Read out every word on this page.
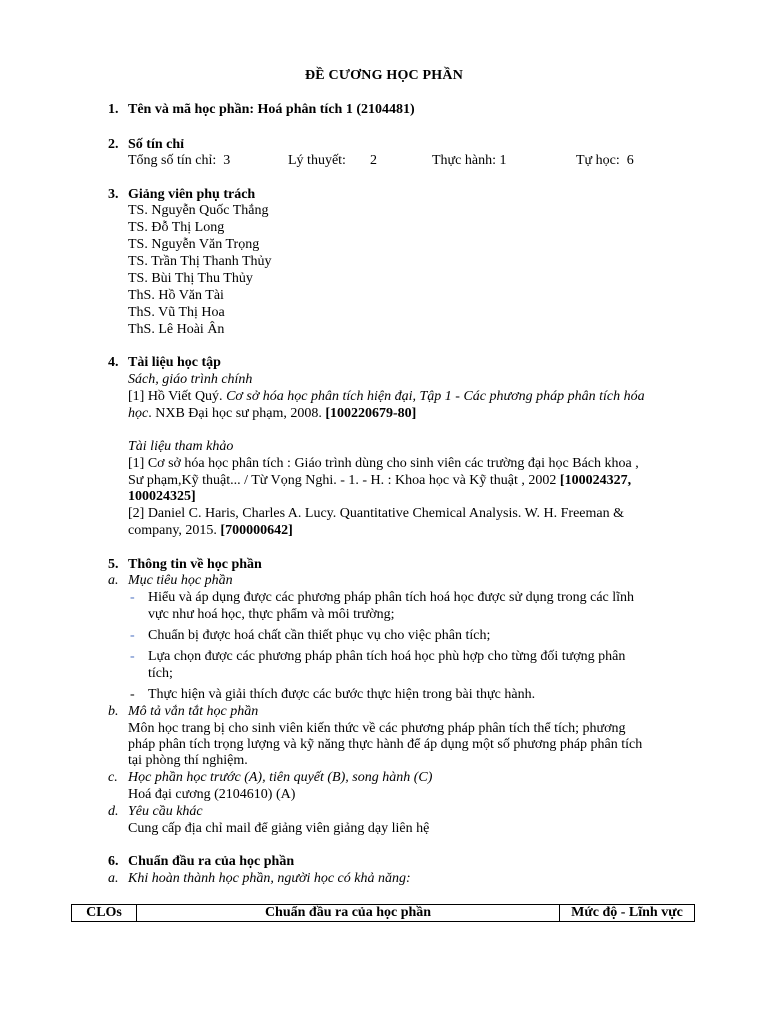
ĐỀ CƯƠNG HỌC PHẦN
1. Tên và mã học phần: Hoá phân tích 1 (2104481)
2. Số tín chỉ
Tổng số tín chỉ: 3	Lý thuyết: 2	Thực hành: 1	Tự học: 6
3. Giảng viên phụ trách
TS. Nguyễn Quốc Thắng
TS. Đỗ Thị Long
TS. Nguyễn Văn Trọng
TS. Trần Thị Thanh Thủy
TS. Bùi Thị Thu Thủy
ThS. Hồ Văn Tài
ThS. Vũ Thị Hoa
ThS. Lê Hoài Ân
4. Tài liệu học tập
Sách, giáo trình chính
[1] Hồ Viết Quý. Cơ sở hóa học phân tích hiện đại, Tập 1 - Các phương pháp phân tích hóa
học. NXB Đại học sư phạm, 2008. [100220679-80]
Tài liệu tham khảo
[1] Cơ sở hóa học phân tích : Giáo trình dùng cho sinh viên các trường đại học Bách khoa ,
Sư phạm,Kỹ thuật... / Từ Vọng Nghi. - 1. - H. : Khoa học và Kỹ thuật , 2002 [100024327,
100024325]
[2] Daniel C. Haris, Charles A. Lucy. Quantitative Chemical Analysis. W. H. Freeman &
company, 2015. [700000642]
5. Thông tin về học phần
a. Mục tiêu học phần
- Hiểu và áp dụng được các phương pháp phân tích hoá học được sử dụng trong các lĩnh
vực như hoá học, thực phẩm và môi trường;
- Chuẩn bị được hoá chất cần thiết phục vụ cho việc phân tích;
- Lựa chọn được các phương pháp phân tích hoá học phù hợp cho từng đối tượng phân
tích;
- Thực hiện và giải thích được các bước thực hiện trong bài thực hành.
b. Mô tả vắn tắt học phần
Môn học trang bị cho sinh viên kiến thức về các phương pháp phân tích thể tích; phương
pháp phân tích trọng lượng và kỹ năng thực hành để áp dụng một số phương pháp phân tích
tại phòng thí nghiệm.
c. Học phần học trước (A), tiên quyết (B), song hành (C)
Hoá đại cương (2104610) (A)
d. Yêu cầu khác
Cung cấp địa chỉ mail để giảng viên giảng dạy liên hệ
6. Chuẩn đầu ra của học phần
a. Khi hoàn thành học phần, người học có khả năng:
CLOs	Chuẩn đầu ra của học phần	Mức độ - Lĩnh vực
